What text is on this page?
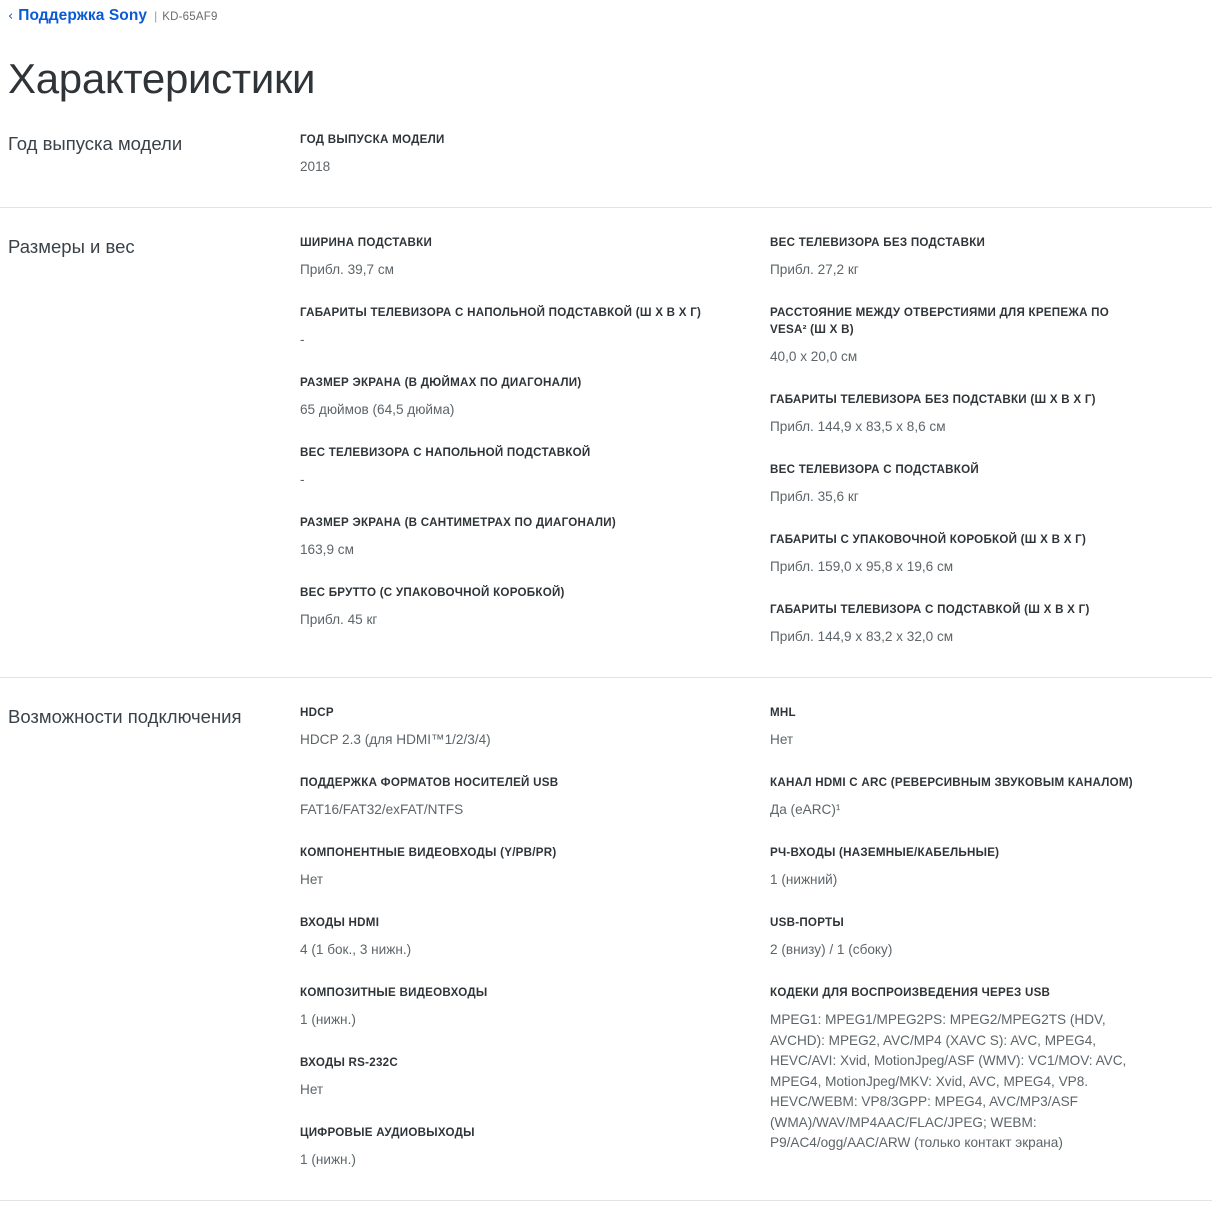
‹ Поддержка Sony | KD-65AF9
Характеристики
Год выпуска модели	ГОД ВЫПУСКА МОДЕЛИ
2018
Размеры и вес	ШИРИНА ПОДСТАВКИ
Прибл. 39,7 см
ГАБАРИТЫ ТЕЛЕВИЗОРА С НАПОЛЬНОЙ ПОДСТАВКОЙ (Ш X В X Г)
-
РАЗМЕР ЭКРАНА (В ДЮЙМАХ ПО ДИАГОНАЛИ)
65 дюймов (64,5 дюйма)
ВЕС ТЕЛЕВИЗОРА С НАПОЛЬНОЙ ПОДСТАВКОЙ
-
РАЗМЕР ЭКРАНА (В САНТИМЕТРАХ ПО ДИАГОНАЛИ)
163,9 см
ВЕС БРУТТО (С УПАКОВОЧНОЙ КОРОБКОЙ)
Прибл. 45 кг
ВЕС ТЕЛЕВИЗОРА БЕЗ ПОДСТАВКИ
Прибл. 27,2 кг
РАССТОЯНИЕ МЕЖДУ ОТВЕРСТИЯМИ ДЛЯ КРЕПЕЖА ПО VESA² (Ш X В)
40,0 x 20,0 см
ГАБАРИТЫ ТЕЛЕВИЗОРА БЕЗ ПОДСТАВКИ (Ш X В X Г)
Прибл. 144,9 x 83,5 x 8,6 см
ВЕС ТЕЛЕВИЗОРА С ПОДСТАВКОЙ
Прибл. 35,6 кг
ГАБАРИТЫ С УПАКОВОЧНОЙ КОРОБКОЙ (Ш X В X Г)
Прибл. 159,0 x 95,8 x 19,6 см
ГАБАРИТЫ ТЕЛЕВИЗОРА С ПОДСТАВКОЙ (Ш X В X Г)
Прибл. 144,9 x 83,2 x 32,0 см
Возможности подключения	HDCP
HDCP 2.3 (для HDMI™1/2/3/4)
ПОДДЕРЖКА ФОРМАТОВ НОСИТЕЛЕЙ USB
FAT16/FAT32/exFAT/NTFS
КОМПОНЕНТНЫЕ ВИДЕОВХОДЫ (Y/PB/PR)
Нет
ВХОДЫ HDMI
4 (1 бок., 3 нижн.)
КОМПОЗИТНЫЕ ВИДЕОВХОДЫ
1 (нижн.)
ВХОДЫ RS-232C
Нет
ЦИФРОВЫЕ АУДИОВЫХОДЫ
1 (нижн.)
MHL
Нет
КАНАЛ HDMI С ARC (РЕВЕРСИВНЫМ ЗВУКОВЫМ КАНАЛОМ)
Да (eARC)¹
РЧ-ВХОДЫ (НАЗЕМНЫЕ/КАБЕЛЬНЫЕ)
1 (нижний)
USB-ПОРТЫ
2 (внизу) / 1 (сбоку)
КОДЕКИ ДЛЯ ВОСПРОИЗВЕДЕНИЯ ЧЕРЕЗ USB
MPEG1: MPEG1/MPEG2PS: MPEG2/MPEG2TS (HDV, AVCHD): MPEG2, AVC/MP4 (XAVC S): AVC, MPEG4, HEVC/AVI: Xvid, MotionJpeg/ASF (WMV): VC1/MOV: AVC, MPEG4, MotionJpeg/MKV: Xvid, AVC, MPEG4, VP8. HEVC/WEBM: VP8/3GPP: MPEG4, AVC/MP3/ASF (WMA)/WAV/MP4AAC/FLAC/JPEG; WEBM: P9/AC4/ogg/AAC/ARW (только контакт экрана)
